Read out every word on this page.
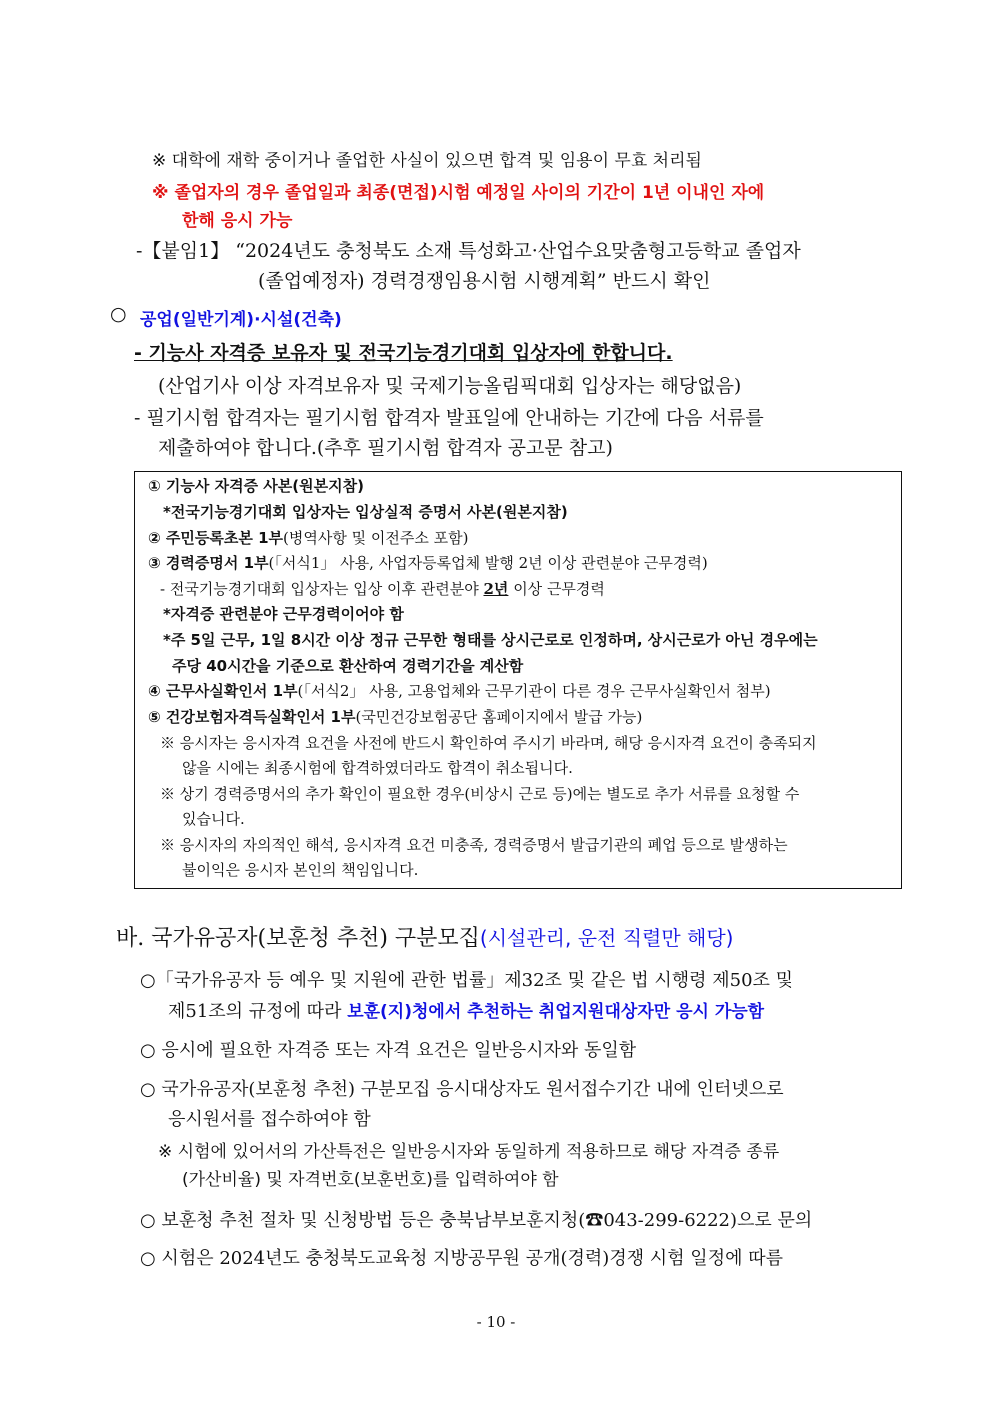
※ 대학에 재학 중이거나 졸업한 사실이 있으면 합격 및 임용이 무효 처리됨
※ 졸업자의 경우 졸업일과 최종(면접)시험 예정일 사이의 기간이 1년 이내인 자에
한해 응시 가능
-【붙임1】 “2024년도 충청북도 소재 특성화고·산업수요맞춤형고등학교 졸업자
(졸업예정자) 경력경쟁임용시험 시행계획” 반드시 확인
○ 공업(일반기계)·시설(건축)
- 기능사 자격증 보유자 및 전국기능경기대회 입상자에 한합니다.
(산업기사 이상 자격보유자 및 국제기능올림픽대회 입상자는 해당없음)
- 필기시험 합격자는 필기시험 합격자 발표일에 안내하는 기간에 다음 서류를
제출하여야 합니다.(추후 필기시험 합격자 공고문 참고)
① 기능사 자격증 사본(원본지참)
*전국기능경기대회 입상자는 입상실적 증명서 사본(원본지참)
② 주민등록초본 1부(병역사항 및 이전주소 포함)
③ 경력증명서 1부(「서식1」 사용, 사업자등록업체 발행 2년 이상 관련분야 근무경력)
- 전국기능경기대회 입상자는 입상 이후 관련분야 2년 이상 근무경력
*자격증 관련분야 근무경력이어야 함
*주 5일 근무, 1일 8시간 이상 정규 근무한 형태를 상시근로로 인정하며, 상시근로가 아닌 경우에는
주당 40시간을 기준으로 환산하여 경력기간을 계산함
④ 근무사실확인서 1부(「서식2」 사용, 고용업체와 근무기관이 다른 경우 근무사실확인서 첨부)
⑤ 건강보험자격득실확인서 1부(국민건강보험공단 홈페이지에서 발급 가능)
※ 응시자는 응시자격 요건을 사전에 반드시 확인하여 주시기 바라며, 해당 응시자격 요건이 충족되지
않을 시에는 최종시험에 합격하였더라도 합격이 취소됩니다.
※ 상기 경력증명서의 추가 확인이 필요한 경우(비상시 근로 등)에는 별도로 추가 서류를 요청할 수
있습니다.
※ 응시자의 자의적인 해석, 응시자격 요건 미충족, 경력증명서 발급기관의 폐업 등으로 발생하는
불이익은 응시자 본인의 책임입니다.
바. 국가유공자(보훈청 추천) 구분모집(시설관리, 운전 직렬만 해당)
○「국가유공자 등 예우 및 지원에 관한 법률」제32조 및 같은 법 시행령 제50조 및
제51조의 규정에 따라 보훈(지)청에서 추천하는 취업지원대상자만 응시 가능함
○ 응시에 필요한 자격증 또는 자격 요건은 일반응시자와 동일함
○ 국가유공자(보훈청 추천) 구분모집 응시대상자도 원서접수기간 내에 인터넷으로
응시원서를 접수하여야 함
※ 시험에 있어서의 가산특전은 일반응시자와 동일하게 적용하므로 해당 자격증 종류
(가산비율) 및 자격번호(보훈번호)를 입력하여야 함
○ 보훈청 추천 절차 및 신청방법 등은 충북남부보훈지청(☎043-299-6222)으로 문의
○ 시험은 2024년도 충청북도교육청 지방공무원 공개(경력)경쟁 시험 일정에 따름
- 10 -
